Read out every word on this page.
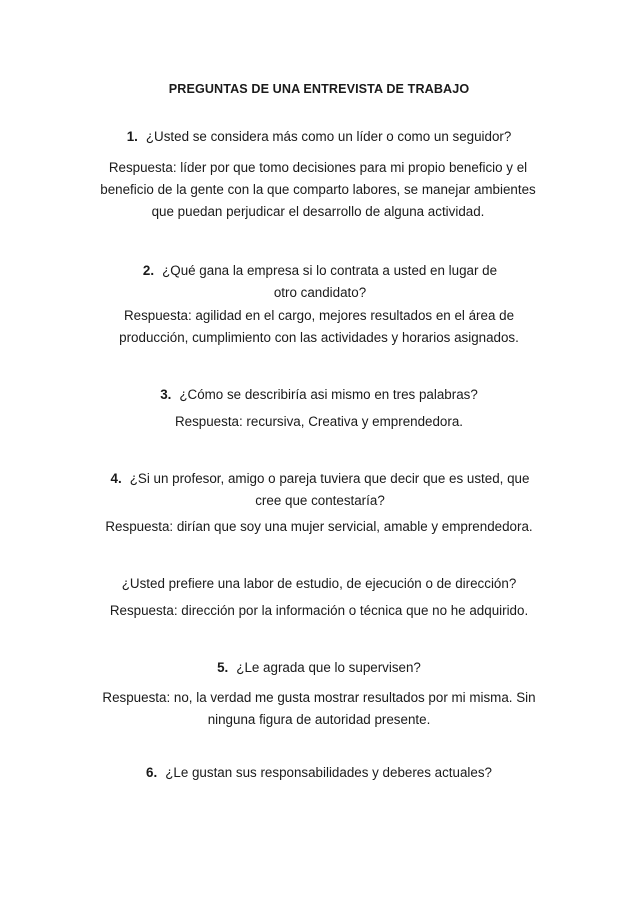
PREGUNTAS DE UNA ENTREVISTA DE TRABAJO
1. ¿Usted se considera más como un líder o como un seguidor?
Respuesta: líder por que tomo decisiones para mi propio beneficio y el beneficio de la gente con la que comparto labores, se manejar ambientes que puedan perjudicar el desarrollo de alguna actividad.
2. ¿Qué gana la empresa si lo contrata a usted en lugar de otro candidato?
Respuesta: agilidad en el cargo, mejores resultados en el área de producción, cumplimiento con las actividades y horarios asignados.
3. ¿Cómo se describiría asi mismo en tres palabras?
Respuesta: recursiva, Creativa y emprendedora.
4. ¿Si un profesor, amigo o pareja tuviera que decir que es usted, que cree que contestaría?
Respuesta: dirían que soy una mujer servicial, amable y emprendedora.
¿Usted prefiere una labor de estudio, de ejecución o de dirección?
Respuesta: dirección por la información o técnica que no he adquirido.
5. ¿Le agrada que lo supervisen?
Respuesta: no, la verdad me gusta mostrar resultados por mi misma. Sin ninguna figura de autoridad presente.
6. ¿Le gustan sus responsabilidades y deberes actuales?
